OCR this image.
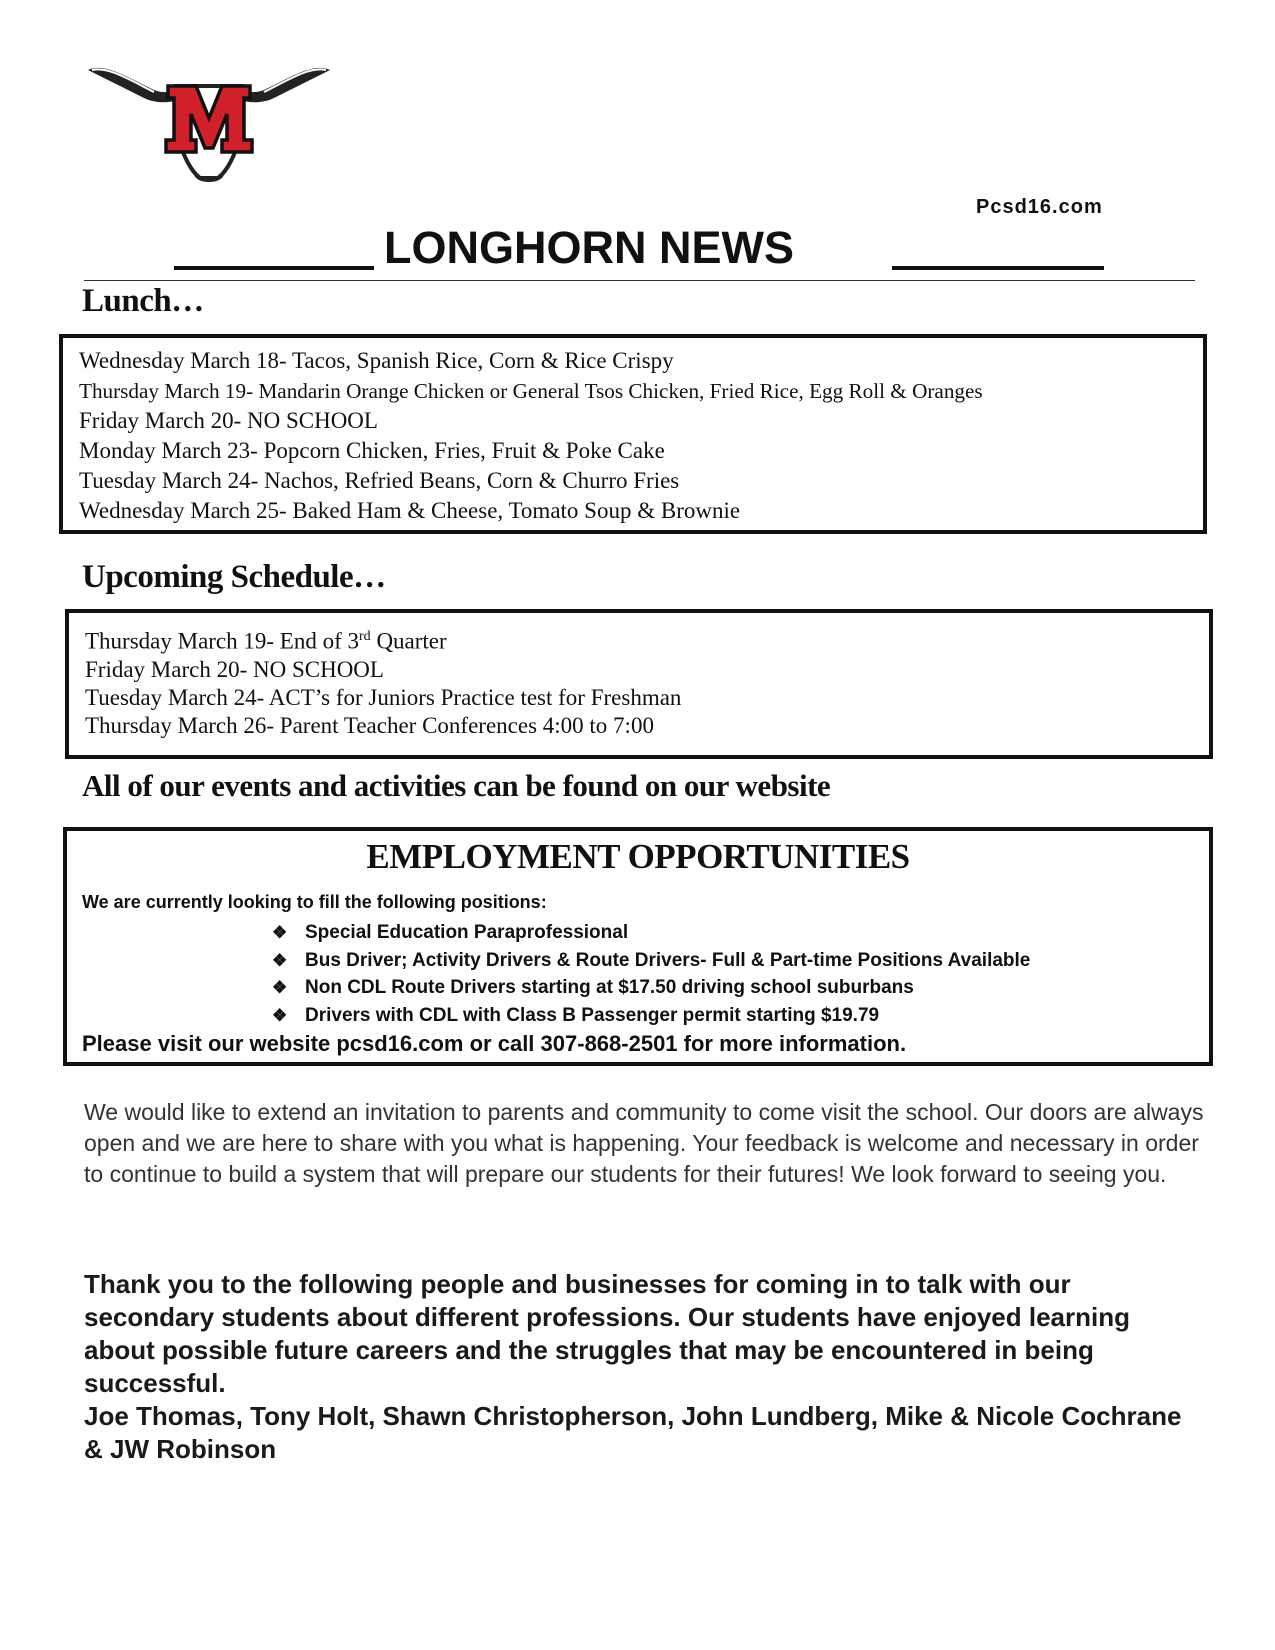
M
Pcsd16.com
LONGHORN NEWS
Lunch…
Wednesday March 18- Tacos, Spanish Rice, Corn & Rice Crispy
Thursday March 19- Mandarin Orange Chicken or General Tsos Chicken, Fried Rice, Egg Roll & Oranges
Friday March 20- NO SCHOOL
Monday March 23- Popcorn Chicken, Fries, Fruit & Poke Cake
Tuesday March 24- Nachos, Refried Beans, Corn & Churro Fries
Wednesday March 25- Baked Ham & Cheese, Tomato Soup & Brownie
Upcoming Schedule…
Thursday March 19- End of 3rd Quarter
Friday March 20- NO SCHOOL
Tuesday March 24- ACT’s for Juniors Practice test for Freshman
Thursday March 26- Parent Teacher Conferences 4:00 to 7:00
All of our events and activities can be found on our website
EMPLOYMENT OPPORTUNITIES
We are currently looking to fill the following positions:
❖ Special Education Paraprofessional
❖ Bus Driver; Activity Drivers & Route Drivers- Full & Part-time Positions Available
❖ Non CDL Route Drivers starting at $17.50 driving school suburbans
❖ Drivers with CDL with Class B Passenger permit starting $19.79
Please visit our website pcsd16.com or call 307-868-2501 for more information.
We would like to extend an invitation to parents and community to come visit the school. Our doors are always open and we are here to share with you what is happening. Your feedback is welcome and necessary in order to continue to build a system that will prepare our students for their futures! We look forward to seeing you.
Thank you to the following people and businesses for coming in to talk with our secondary students about different professions. Our students have enjoyed learning about possible future careers and the struggles that may be encountered in being successful.
Joe Thomas, Tony Holt, Shawn Christopherson, John Lundberg, Mike & Nicole Cochrane & JW Robinson
